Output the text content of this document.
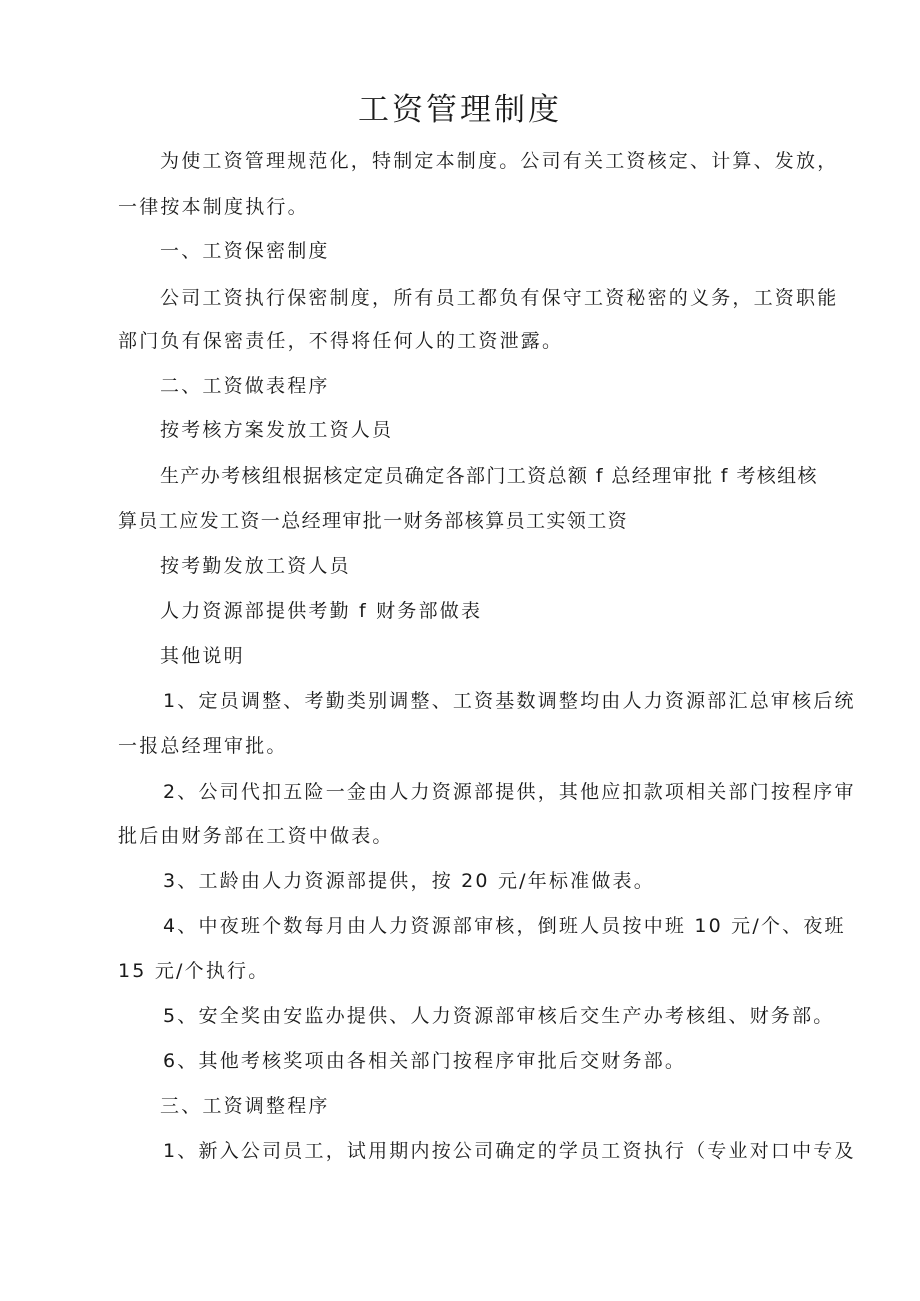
工资管理制度
为使工资管理规范化，特制定本制度。公司有关工资核定、计算、发放，
一律按本制度执行。
一、工资保密制度
公司工资执行保密制度，所有员工都负有保守工资秘密的义务，工资职能
部门负有保密责任，不得将任何人的工资泄露。
二、工资做表程序
按考核方案发放工资人员
生产办考核组根据核定定员确定各部门工资总额 f 总经理审批 f 考核组核
算员工应发工资一总经理审批一财务部核算员工实领工资
按考勤发放工资人员
人力资源部提供考勤 f 财务部做表
其他说明
1、定员调整、考勤类别调整、工资基数调整均由人力资源部汇总审核后统
一报总经理审批。
2、公司代扣五险一金由人力资源部提供，其他应扣款项相关部门按程序审
批后由财务部在工资中做表。
3、工龄由人力资源部提供，按 20 元/年标准做表。
4、中夜班个数每月由人力资源部审核，倒班人员按中班 10 元/个、夜班
15 元/个执行。
5、安全奖由安监办提供、人力资源部审核后交生产办考核组、财务部。
6、其他考核奖项由各相关部门按程序审批后交财务部。
三、工资调整程序
1、新入公司员工，试用期内按公司确定的学员工资执行（专业对口中专及
